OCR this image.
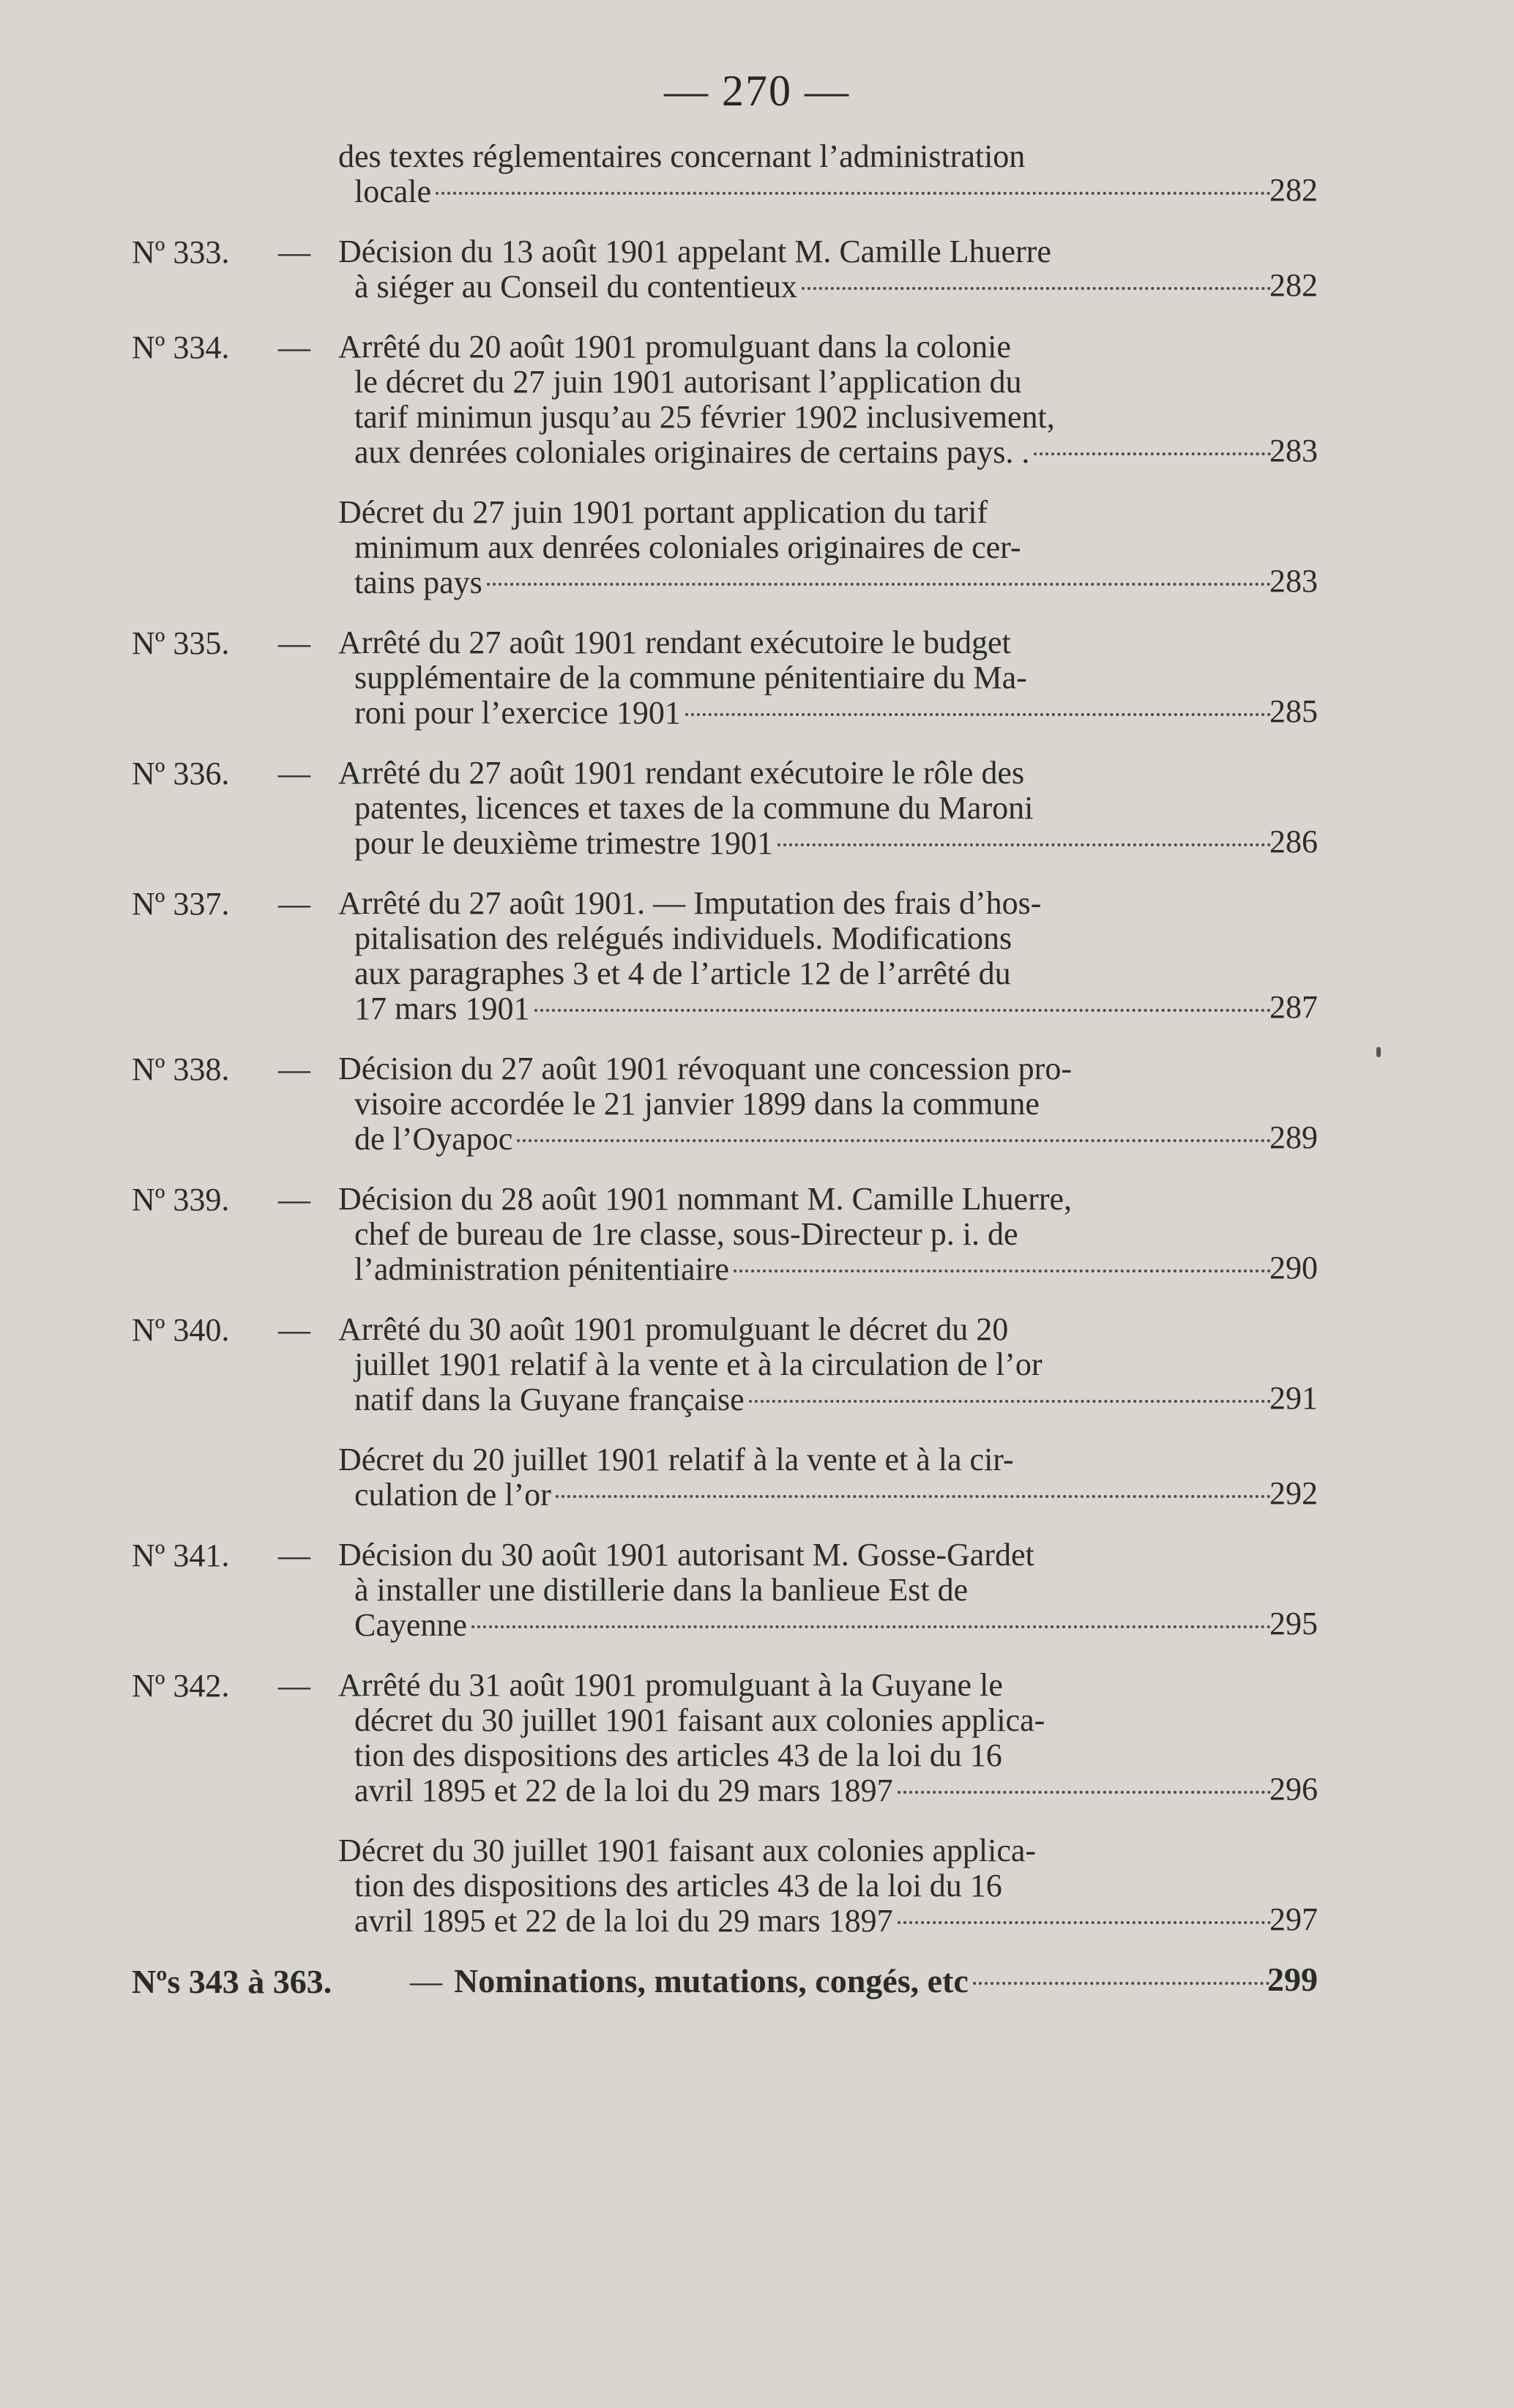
— 270 —
des textes réglementaires concernant l’administration
locale	282
Nº 333.	— Décision du 13 août 1901 appelant M. Camille Lhuerre
à siéger au Conseil du contentieux	282
Nº 334.	— Arrêté du 20 août 1901 promulguant dans la colonie
le décret du 27 juin 1901 autorisant l’application du
tarif minimun jusqu’au 25 février 1902 inclusivement,
aux denrées coloniales originaires de certains pays. .	283
Décret du 27 juin 1901 portant application du tarif
minimum aux denrées coloniales originaires de cer-
tains pays	283
Nº 335.	— Arrêté du 27 août 1901 rendant exécutoire le budget
supplémentaire de la commune pénitentiaire du Ma-
roni pour l’exercice 1901	285
Nº 336.	— Arrêté du 27 août 1901 rendant exécutoire le rôle des
patentes, licences et taxes de la commune du Maroni
pour le deuxième trimestre 1901	286
Nº 337.	— Arrêté du 27 août 1901. — Imputation des frais d’hos-
pitalisation des relégués individuels. Modifications
aux paragraphes 3 et 4 de l’article 12 de l’arrêté du
17 mars 1901	287
Nº 338.	— Décision du 27 août 1901 révoquant une concession pro-
visoire accordée le 21 janvier 1899 dans la commune
de l’Oyapoc	289
Nº 339.	— Décision du 28 août 1901 nommant M. Camille Lhuerre,
chef de bureau de 1re classe, sous-Directeur p. i. de
l’administration pénitentiaire	290
Nº 340.	— Arrêté du 30 août 1901 promulguant le décret du 20
juillet 1901 relatif à la vente et à la circulation de l’or
natif dans la Guyane française	291
Décret du 20 juillet 1901 relatif à la vente et à la cir-
culation de l’or	292
Nº 341.	— Décision du 30 août 1901 autorisant M. Gosse-Gardet
à installer une distillerie dans la banlieue Est de
Cayenne	295
Nº 342.	— Arrêté du 31 août 1901 promulguant à la Guyane le
décret du 30 juillet 1901 faisant aux colonies applica-
tion des dispositions des articles 43 de la loi du 16
avril 1895 et 22 de la loi du 29 mars 1897	296
Décret du 30 juillet 1901 faisant aux colonies applica-
tion des dispositions des articles 43 de la loi du 16
avril 1895 et 22 de la loi du 29 mars 1897	297
Nºs 343 à 363. — Nominations, mutations, congés, etc	299
